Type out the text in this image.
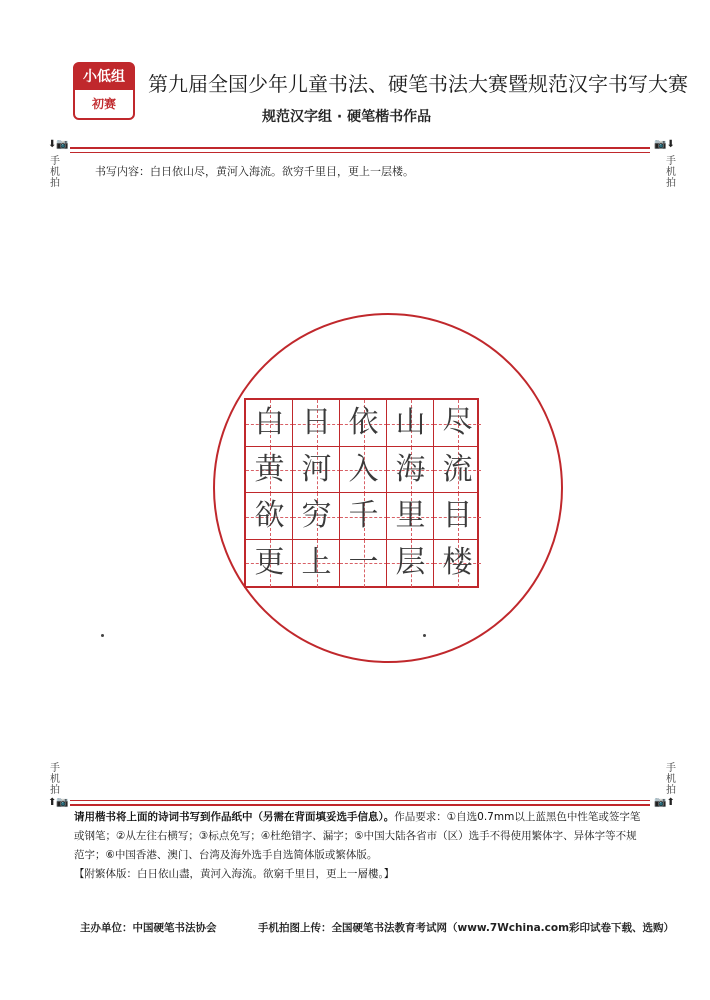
小低组
初赛
第九届全国少年儿童书法、硬笔书法大赛暨规范汉字书写大赛
规范汉字组 · 硬笔楷书作品
⬇📷
手
机
拍
📷⬇
手
机
拍
书写内容：白日依山尽，黄河入海流。欲穷千里目，更上一层楼。
白
黄
欲
更
日
河
穷
上
依
入
千
一
山
海
里
层
尽
流
目
楼
手
机
拍
⬆📷
手
机
拍
📷⬆
请用楷书将上面的诗词书写到作品纸中（另需在背面填妥选手信息）。作品要求：①自选0.7mm以上蓝黑色中性笔或签字笔或钢笔；②从左往右横写；③标点免写；④杜绝错字、漏字；⑤中国大陆各省市（区）选手不得使用繁体字、异体字等不规范字；⑥中国香港、澳门、台湾及海外选手自选简体版或繁体版。
【附繁体版：白日依山盡，黄河入海流。欲窮千里目，更上一層樓。】
主办单位：中国硬笔书法协会	手机拍图上传：全国硬笔书法教育考试网（www.7Wchina.com彩印试卷下载、选购）
